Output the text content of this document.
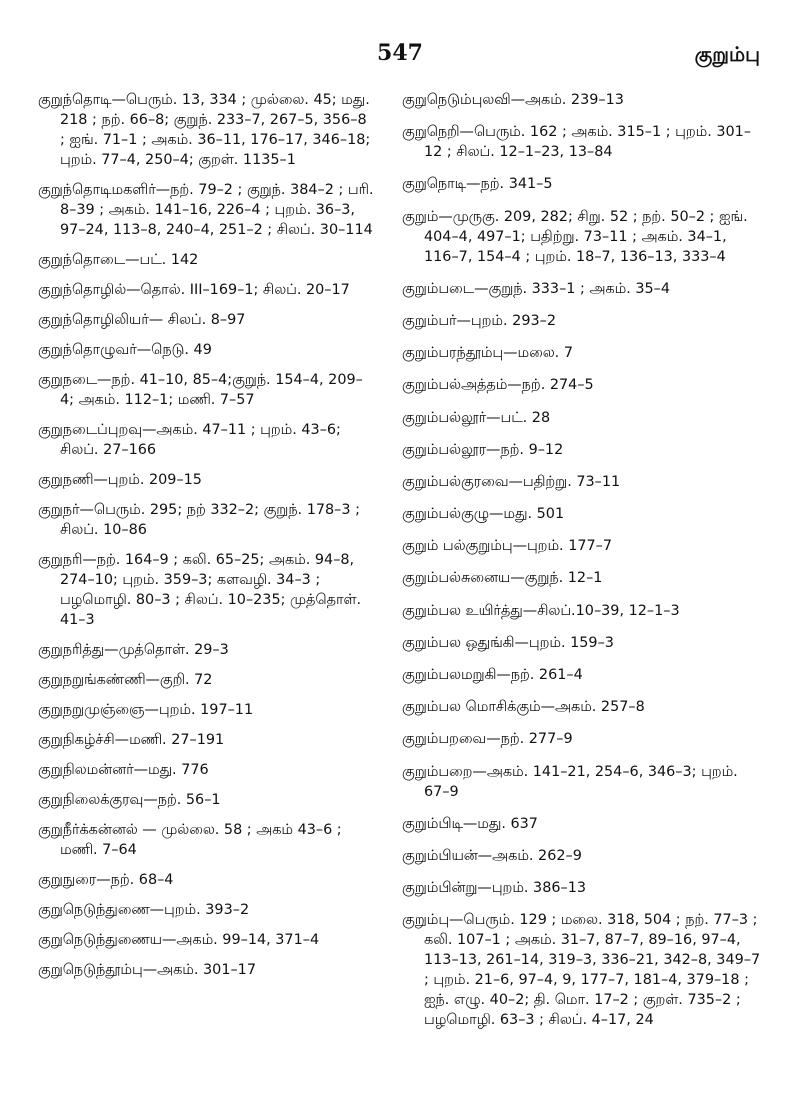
547	குறும்பு
குறுந்தொடி—பெரும். 13, 334 ; முல்லை. 45; மது. 218 ; நற். 66–8; குறுந். 233–7, 267–5, 356–8 ; ஐங். 71–1 ; அகம். 36–11, 176–17, 346–18; புறம். 77–4, 250–4; குறள். 1135–1
குறுந்தொடிமகளிர்—நற். 79–2 ; குறுந். 384–2 ; பரி. 8–39 ; அகம். 141–16, 226–4 ; புறம். 36–3, 97–24, 113–8, 240–4, 251–2 ; சிலப். 30–114
குறுந்தொடை—பட். 142
குறுந்தொழில்—தொல். III–169–1; சிலப். 20–17
குறுந்தொழிலியர்— சிலப். 8–97
குறுந்தொழுவர்—நெடு. 49
குறுநடை—நற். 41–10, 85–4;குறுந். 154–4, 209–4; அகம். 112–1; மணி. 7–57
குறுநடைப்புறவு—அகம். 47–11 ; புறம். 43–6; சிலப். 27–166
குறுநணி—புறம். 209–15
குறுநர்—பெரும். 295; நற் 332–2; குறுந். 178–3 ; சிலப். 10–86
குறுநரி—நற். 164–9 ; கலி. 65–25; அகம். 94–8, 274–10; புறம். 359–3; களவழி. 34–3 ; பழமொழி. 80–3 ; சிலப். 10–235; முத்தொள். 41–3
குறுநரித்து—முத்தொள். 29–3
குறுநறுங்கண்ணி—குறி. 72
குறுநறுமுஞ்ஞை—புறம். 197–11
குறுநிகழ்ச்சி—மணி. 27–191
குறுநிலமன்னர்—மது. 776
குறுநிலைக்குரவு—நற். 56–1
குறுநீர்க்கன்னல் — முல்லை. 58 ; அகம் 43–6 ; மணி. 7–64
குறுநுரை—நற். 68–4
குறுநெடுந்துணை—புறம். 393–2
குறுநெடுந்துணைய—அகம். 99–14, 371–4
குறுநெடுந்தூம்பு—அகம். 301–17
குறுநெடும்புலவி—அகம். 239–13
குறுநெறி—பெரும். 162 ; அகம். 315–1 ; புறம். 301–12 ; சிலப். 12–1–23, 13–84
குறுநொடி—நற். 341–5
குறும்—முருகு. 209, 282; சிறு. 52 ; நற். 50–2 ; ஐங். 404–4, 497–1; பதிற்று. 73–11 ; அகம். 34–1, 116–7, 154–4 ; புறம். 18–7, 136–13, 333–4
குறும்படை—குறுந். 333–1 ; அகம். 35–4
குறும்பர்—புறம். 293–2
குறும்பரந்தூம்பு—மலை. 7
குறும்பல்அத்தம்—நற். 274–5
குறும்பல்லூர்—பட். 28
குறும்பல்லூர—நற். 9–12
குறும்பல்குரவை—பதிற்று. 73–11
குறும்பல்குழு—மது. 501
குறும் பல்குறும்பு—புறம். 177–7
குறும்பல்சுனைய—குறுந். 12–1
குறும்பல உயிர்த்து—சிலப்.10–39, 12–1–3
குறும்பல ஒதுங்கி—புறம். 159–3
குறும்பலமறுகி—நற். 261–4
குறும்பல மொசிக்கும்—அகம். 257–8
குறும்பறவை—நற். 277–9
குறும்பறை—அகம். 141–21, 254–6, 346–3; புறம். 67–9
குறும்பிடி—மது. 637
குறும்பியன்—அகம். 262–9
குறும்பின்று—புறம். 386–13
குறும்பு—பெரும். 129 ; மலை. 318, 504 ; நற். 77–3 ; கலி. 107–1 ; அகம். 31–7, 87–7, 89–16, 97–4, 113–13, 261–14, 319–3, 336–21, 342–8, 349–7 ; புறம். 21–6, 97–4, 9, 177–7, 181–4, 379–18 ; ஐந். எழு. 40–2; தி. மொ. 17–2 ; குறள். 735–2 ; பழமொழி. 63–3 ; சிலப். 4–17, 24
